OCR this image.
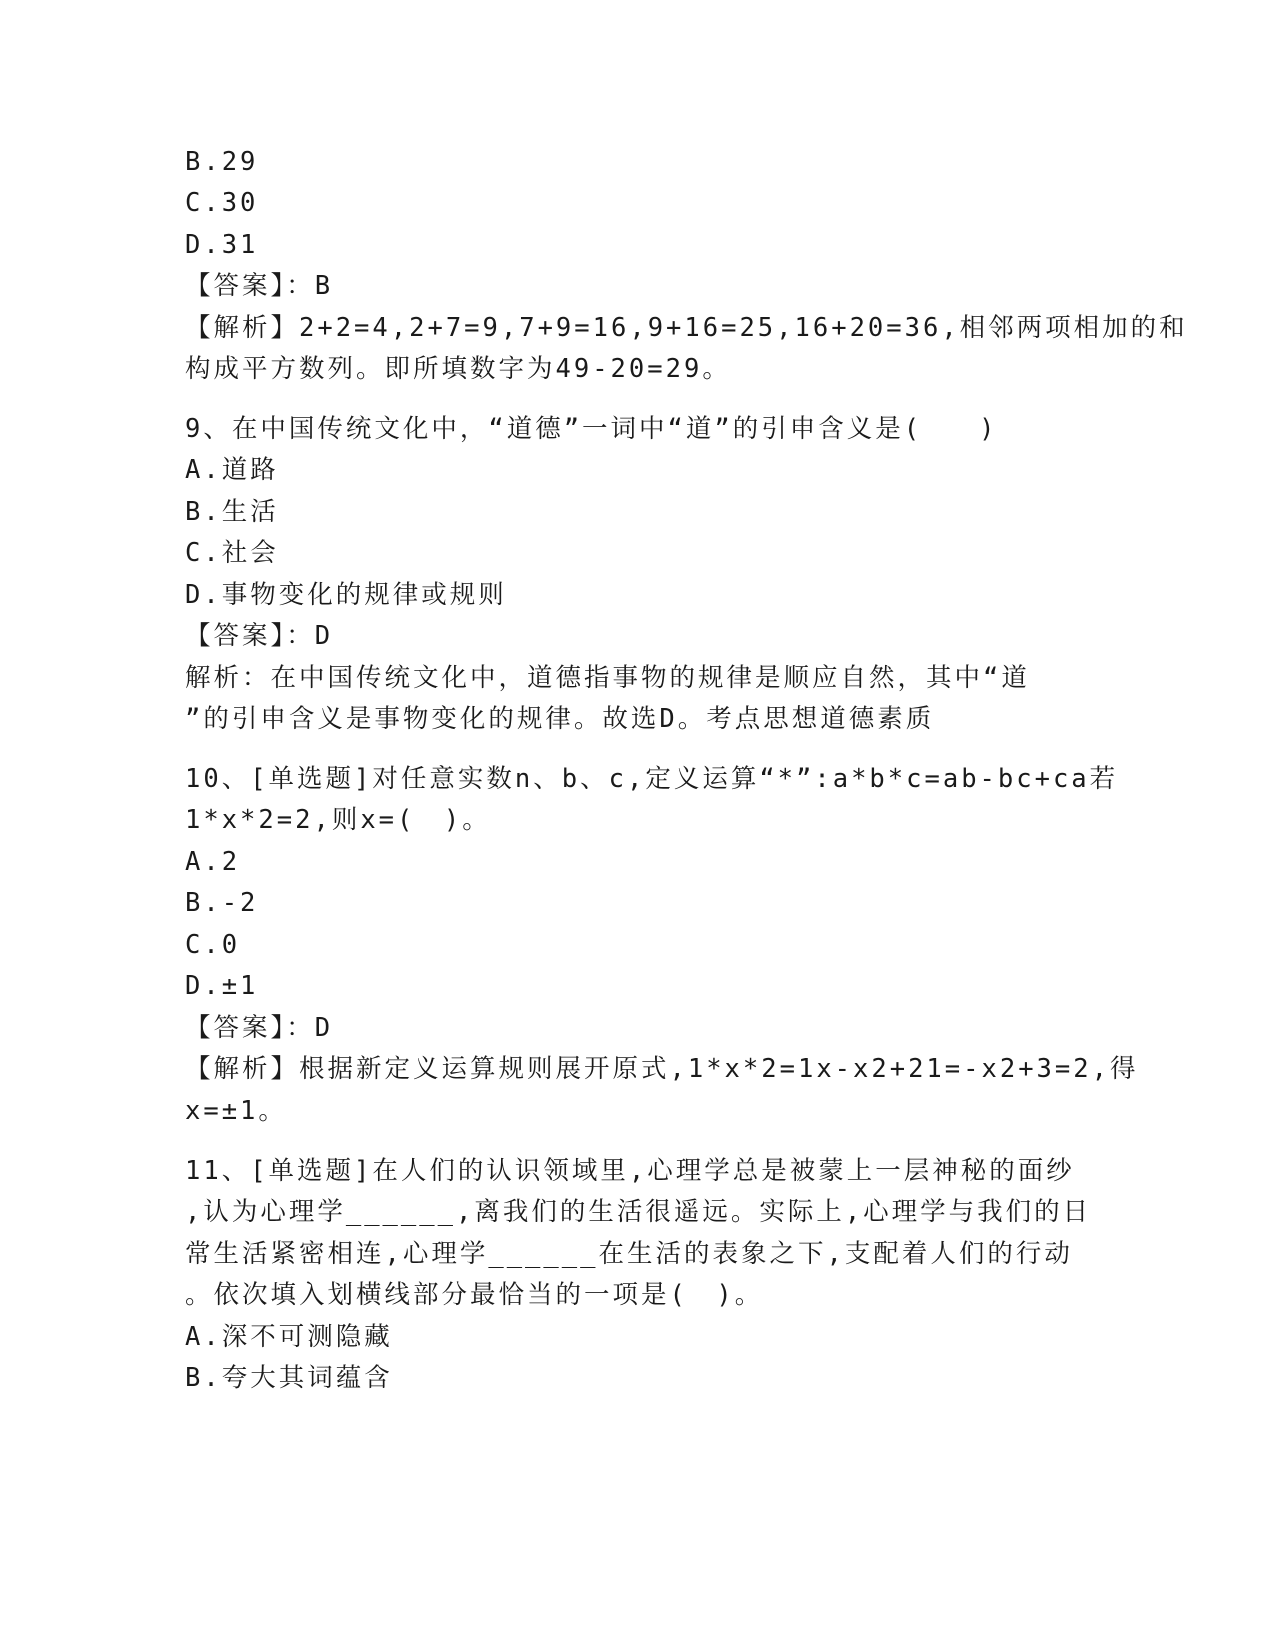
B.29
C.30
D.31
【答案】：B
【解析】2+2=4,2+7=9,7+9=16,9+16=25,16+20=36,相邻两项相加的和
构成平方数列。即所填数字为49-20=29。
9、在中国传统文化中，“道德”一词中“道”的引申含义是(　　)
A.道路
B.生活
C.社会
D.事物变化的规律或规则
【答案】：D
解析：在中国传统文化中，道德指事物的规律是顺应自然，其中“道
”的引申含义是事物变化的规律。故选D。考点思想道德素质
10、[单选题]对任意实数n、b、c,定义运算“*”:a*b*c=ab-bc+ca若
1*x*2=2,则x=(　)。
A.2
B.-2
C.0
D.±1
【答案】：D
【解析】根据新定义运算规则展开原式,1*x*2=1x-x2+21=-x2+3=2,得
x=±1。
11、[单选题]在人们的认识领域里,心理学总是被蒙上一层神秘的面纱
,认为心理学______,离我们的生活很遥远。实际上,心理学与我们的日
常生活紧密相连,心理学______在生活的表象之下,支配着人们的行动
。依次填入划横线部分最恰当的一项是(　)。
A.深不可测隐藏
B.夸大其词蕴含
